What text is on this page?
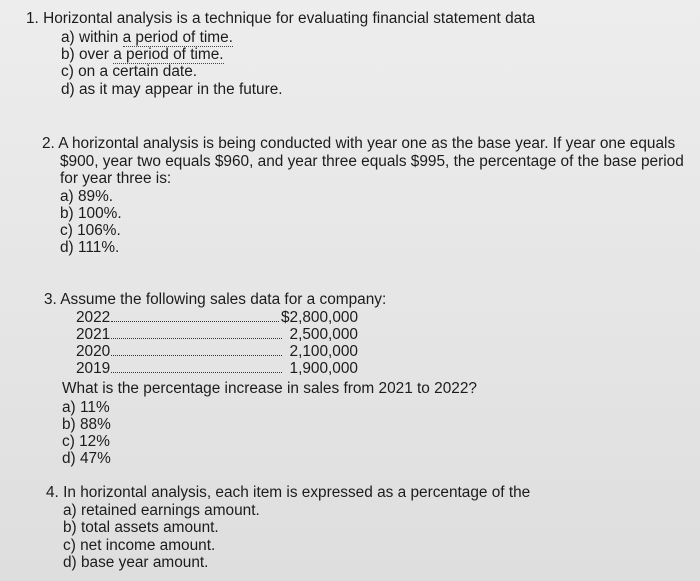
1. Horizontal analysis is a technique for evaluating financial statement data
a) within a period of time.
b) over a period of time.
c) on a certain date.
d) as it may appear in the future.
2. A horizontal analysis is being conducted with year one as the base year. If year one equals
$900, year two equals $960, and year three equals $995, the percentage of the base period
for year three is:
a) 89%.
b) 100%.
c) 106%.
d) 111%.
3. Assume the following sales data for a company:
2022	$2,800,000
2021	2,500,000
2020	2,100,000
2019	1,900,000
What is the percentage increase in sales from 2021 to 2022?
a) 11%
b) 88%
c) 12%
d) 47%
4. In horizontal analysis, each item is expressed as a percentage of the
a) retained earnings amount.
b) total assets amount.
c) net income amount.
d) base year amount.
